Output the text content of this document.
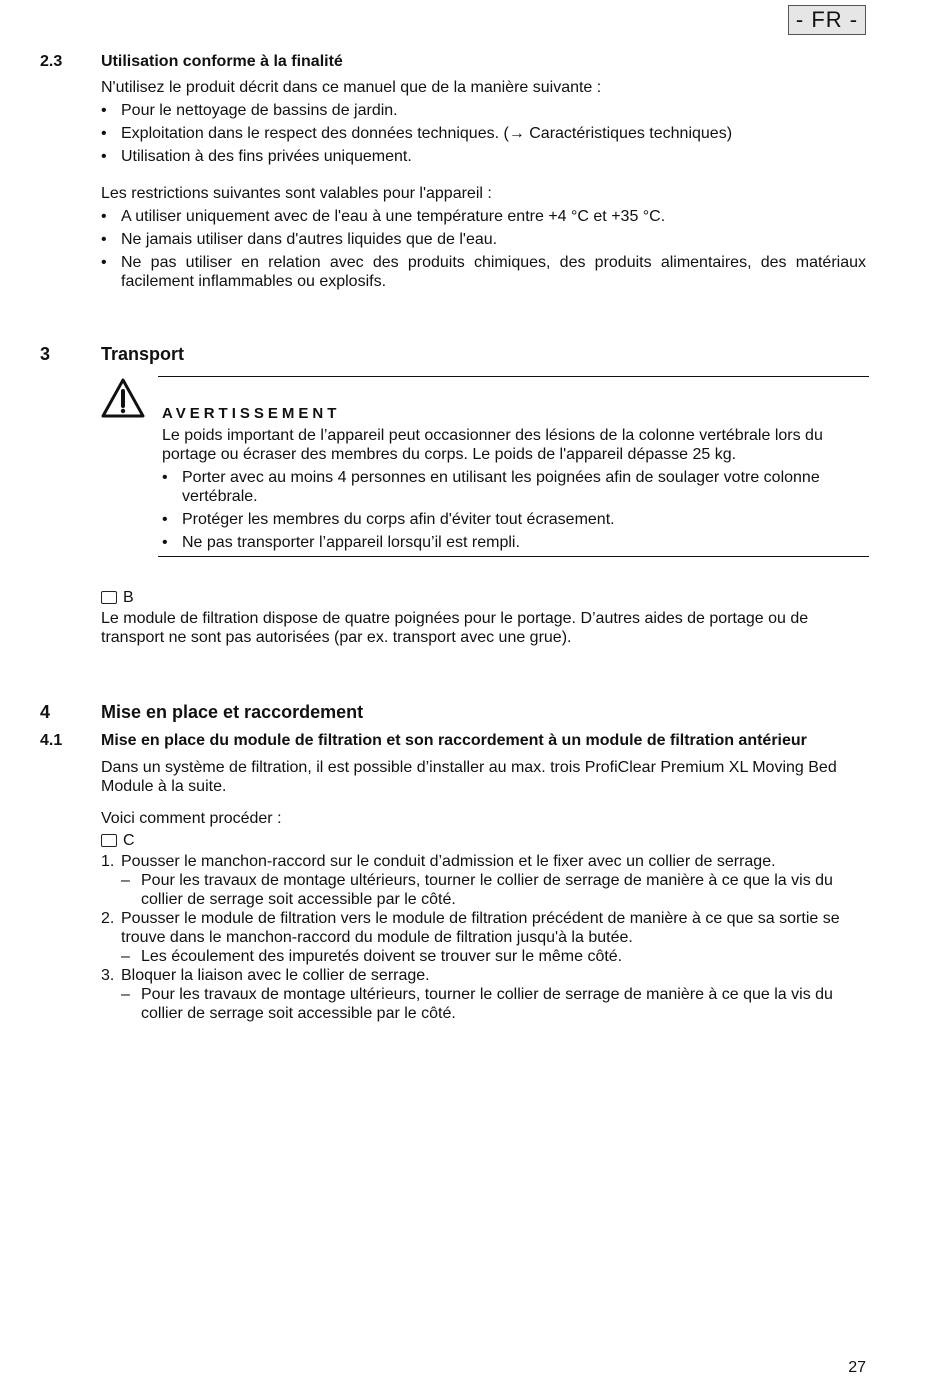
- FR -
2.3 Utilisation conforme à la finalité
N'utilisez le produit décrit dans ce manuel que de la manière suivante :
• Pour le nettoyage de bassins de jardin.
• Exploitation dans le respect des données techniques. (→ Caractéristiques techniques)
• Utilisation à des fins privées uniquement.
Les restrictions suivantes sont valables pour l'appareil :
• A utiliser uniquement avec de l'eau à une température entre +4 °C et +35 °C.
• Ne jamais utiliser dans d'autres liquides que de l'eau.
• Ne pas utiliser en relation avec des produits chimiques, des produits alimentaires, des matériaux facilement inflammables ou explosifs.
3	Transport
AVERTISSEMENT
Le poids important de l’appareil peut occasionner des lésions de la colonne vertébrale lors du portage ou écraser des membres du corps. Le poids de l'appareil dépasse 25 kg.
• Porter avec au moins 4 personnes en utilisant les poignées afin de soulager votre colonne vertébrale.
• Protéger les membres du corps afin d'éviter tout écrasement.
• Ne pas transporter l’appareil lorsqu’il est rempli.
B
Le module de filtration dispose de quatre poignées pour le portage. D’autres aides de portage ou de transport ne sont pas autorisées (par ex. transport avec une grue).
4	Mise en place et raccordement
4.1 Mise en place du module de filtration et son raccordement à un module de filtration antérieur
Dans un système de filtration, il est possible d’installer au max. trois ProfiClear Premium XL Moving Bed Module à la suite.
Voici comment procéder :
C
1. Pousser le manchon-raccord sur le conduit d’admission et le fixer avec un collier de serrage.
– Pour les travaux de montage ultérieurs, tourner le collier de serrage de manière à ce que la vis du collier de serrage soit accessible par le côté.
2. Pousser le module de filtration vers le module de filtration précédent de manière à ce que sa sortie se trouve dans le manchon-raccord du module de filtration jusqu'à la butée.
– Les écoulement des impuretés doivent se trouver sur le même côté.
3. Bloquer la liaison avec le collier de serrage.
– Pour les travaux de montage ultérieurs, tourner le collier de serrage de manière à ce que la vis du collier de serrage soit accessible par le côté.
27
